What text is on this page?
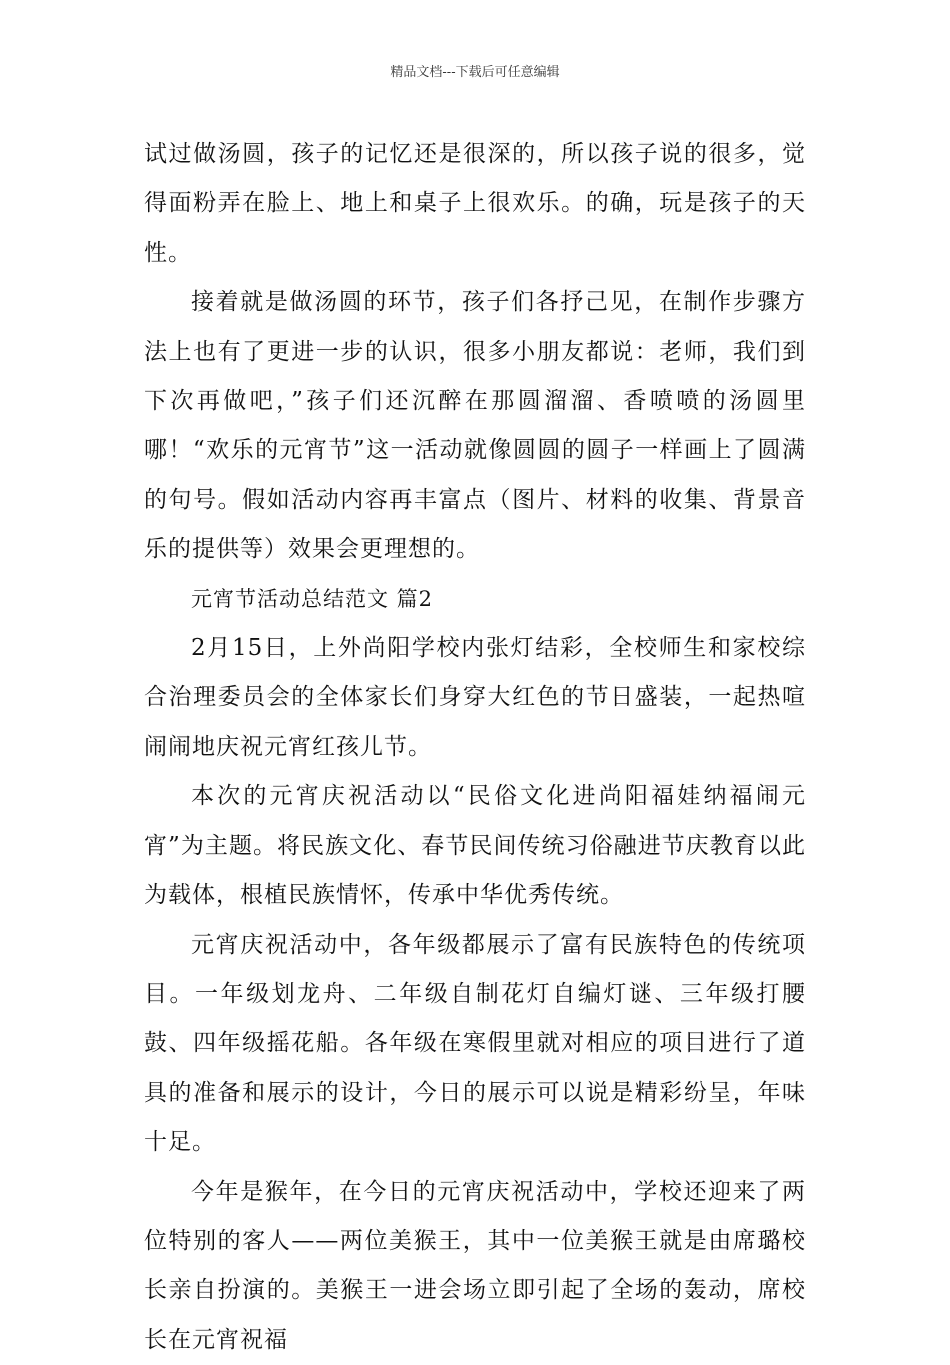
精品文档---下载后可任意编辑

试过做汤圆，孩子的记忆还是很深的，所以孩子说的很多，觉得面粉弄在脸上、地上和桌子上很欢乐。的确，玩是孩子的天性。

接着就是做汤圆的环节，孩子们各抒己见，在制作步骤方法上也有了更进一步的认识，很多小朋友都说：老师，我们到下次再做吧，”孩子们还沉醉在那圆溜溜、香喷喷的汤圆里哪！“欢乐的元宵节”这一活动就像圆圆的圆子一样画上了圆满的句号。假如活动内容再丰富点（图片、材料的收集、背景音乐的提供等）效果会更理想的。

元宵节活动总结范文 篇2

2月15日，上外尚阳学校内张灯结彩，全校师生和家校综合治理委员会的全体家长们身穿大红色的节日盛装，一起热喧闹闹地庆祝元宵红孩儿节。

本次的元宵庆祝活动以“民俗文化进尚阳福娃纳福闹元宵”为主题。将民族文化、春节民间传统习俗融进节庆教育以此为载体，根植民族情怀，传承中华优秀传统。

元宵庆祝活动中，各年级都展示了富有民族特色的传统项目。一年级划龙舟、二年级自制花灯自编灯谜、三年级打腰鼓、四年级摇花船。各年级在寒假里就对相应的项目进行了道具的准备和展示的设计，今日的展示可以说是精彩纷呈，年味十足。

今年是猴年，在今日的元宵庆祝活动中，学校还迎来了两位特别的客人——两位美猴王，其中一位美猴王就是由席璐校长亲自扮演的。美猴王一进会场立即引起了全场的轰动，席校长在元宵祝福
